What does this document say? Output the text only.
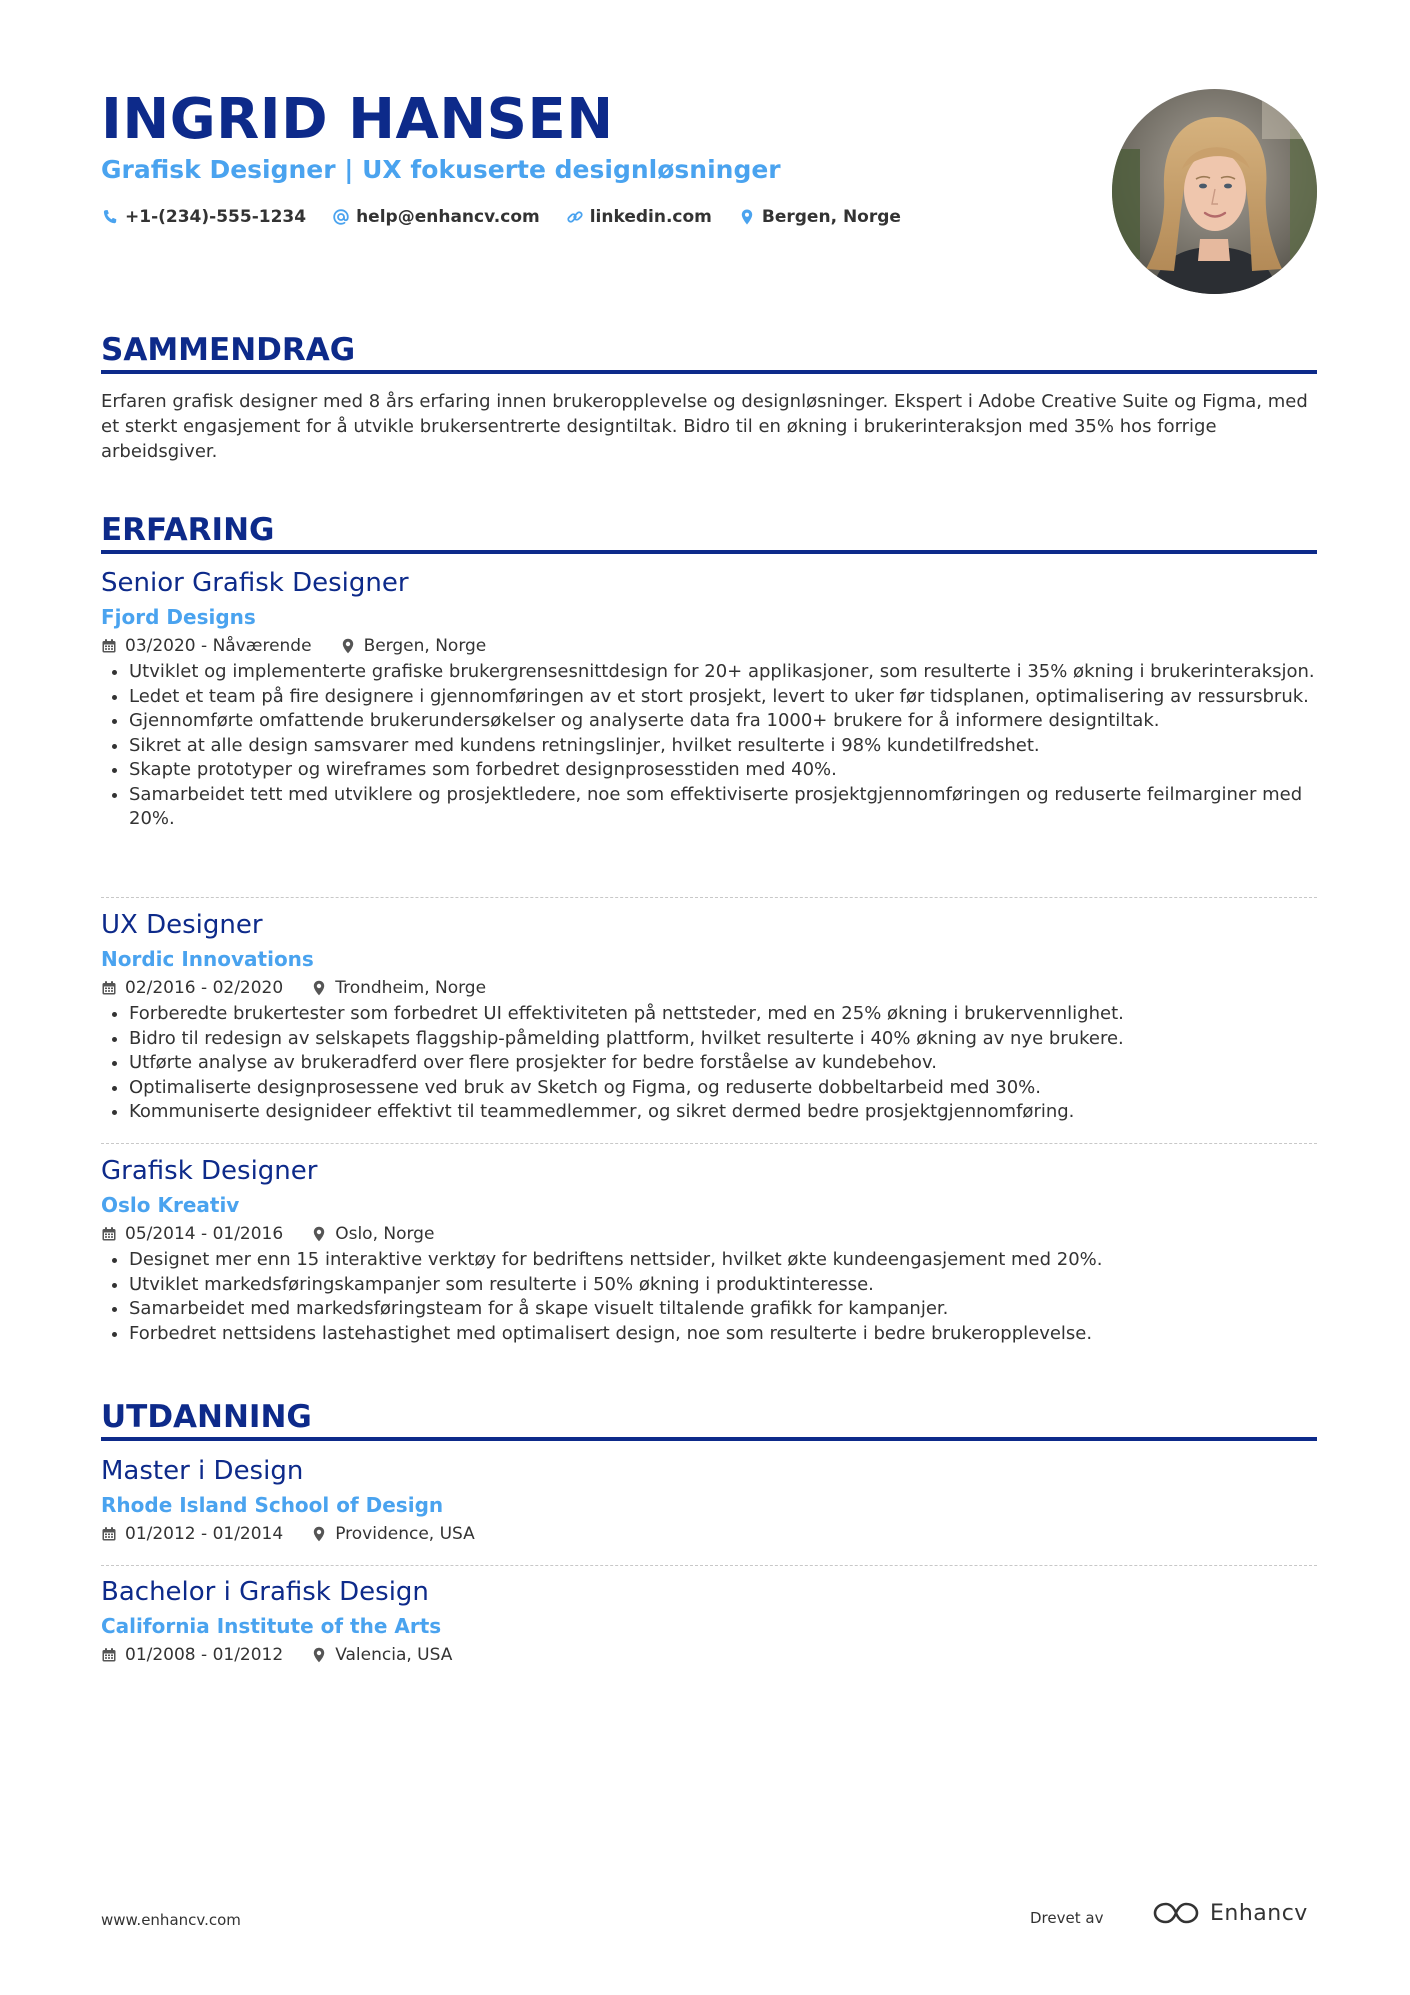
INGRID HANSEN
Grafisk Designer | UX fokuserte designløsninger
+1-(234)-555-1234	help@enhancv.com	linkedin.com	Bergen, Norge
SAMMENDRAG

Erfaren grafisk designer med 8 års erfaring innen brukeropplevelse og designløsninger. Ekspert i Adobe Creative Suite og Figma, med et sterkt engasjement for å utvikle brukersentrerte designtiltak. Bidro til en økning i brukerinteraksjon med 35% hos forrige arbeidsgiver.

ERFARING
Senior Grafisk Designer
Fjord Designs
03/2020 - Nåværende	Bergen, Norge
• Utviklet og implementerte grafiske brukergrensesnittdesign for 20+ applikasjoner, som resulterte i 35% økning i brukerinteraksjon.
• Ledet et team på fire designere i gjennomføringen av et stort prosjekt, levert to uker før tidsplanen, optimalisering av ressursbruk.
• Gjennomførte omfattende brukerundersøkelser og analyserte data fra 1000+ brukere for å informere designtiltak.
• Sikret at alle design samsvarer med kundens retningslinjer, hvilket resulterte i 98% kundetilfredshet.
• Skapte prototyper og wireframes som forbedret designprosesstiden med 40%.
• Samarbeidet tett med utviklere og prosjektledere, noe som effektiviserte prosjektgjennomføringen og reduserte feilmarginer med 20%.
UX Designer
Nordic Innovations
02/2016 - 02/2020	Trondheim, Norge
• Forberedte brukertester som forbedret UI effektiviteten på nettsteder, med en 25% økning i brukervennlighet.
• Bidro til redesign av selskapets flaggship-påmelding plattform, hvilket resulterte i 40% økning av nye brukere.
• Utførte analyse av brukeradferd over flere prosjekter for bedre forståelse av kundebehov.
• Optimaliserte designprosessene ved bruk av Sketch og Figma, og reduserte dobbeltarbeid med 30%.
• Kommuniserte designideer effektivt til teammedlemmer, og sikret dermed bedre prosjektgjennomføring.
Grafisk Designer
Oslo Kreativ
05/2014 - 01/2016	Oslo, Norge
• Designet mer enn 15 interaktive verktøy for bedriftens nettsider, hvilket økte kundeengasjement med 20%.
• Utviklet markedsføringskampanjer som resulterte i 50% økning i produktinteresse.
• Samarbeidet med markedsføringsteam for å skape visuelt tiltalende grafikk for kampanjer.
• Forbedret nettsidens lastehastighet med optimalisert design, noe som resulterte i bedre brukeropplevelse.
UTDANNING
Master i Design
Rhode Island School of Design
01/2012 - 01/2014	Providence, USA
Bachelor i Grafisk Design
California Institute of the Arts
01/2008 - 01/2012	Valencia, USA
www.enhancv.com	Drevet av	Enhancv
